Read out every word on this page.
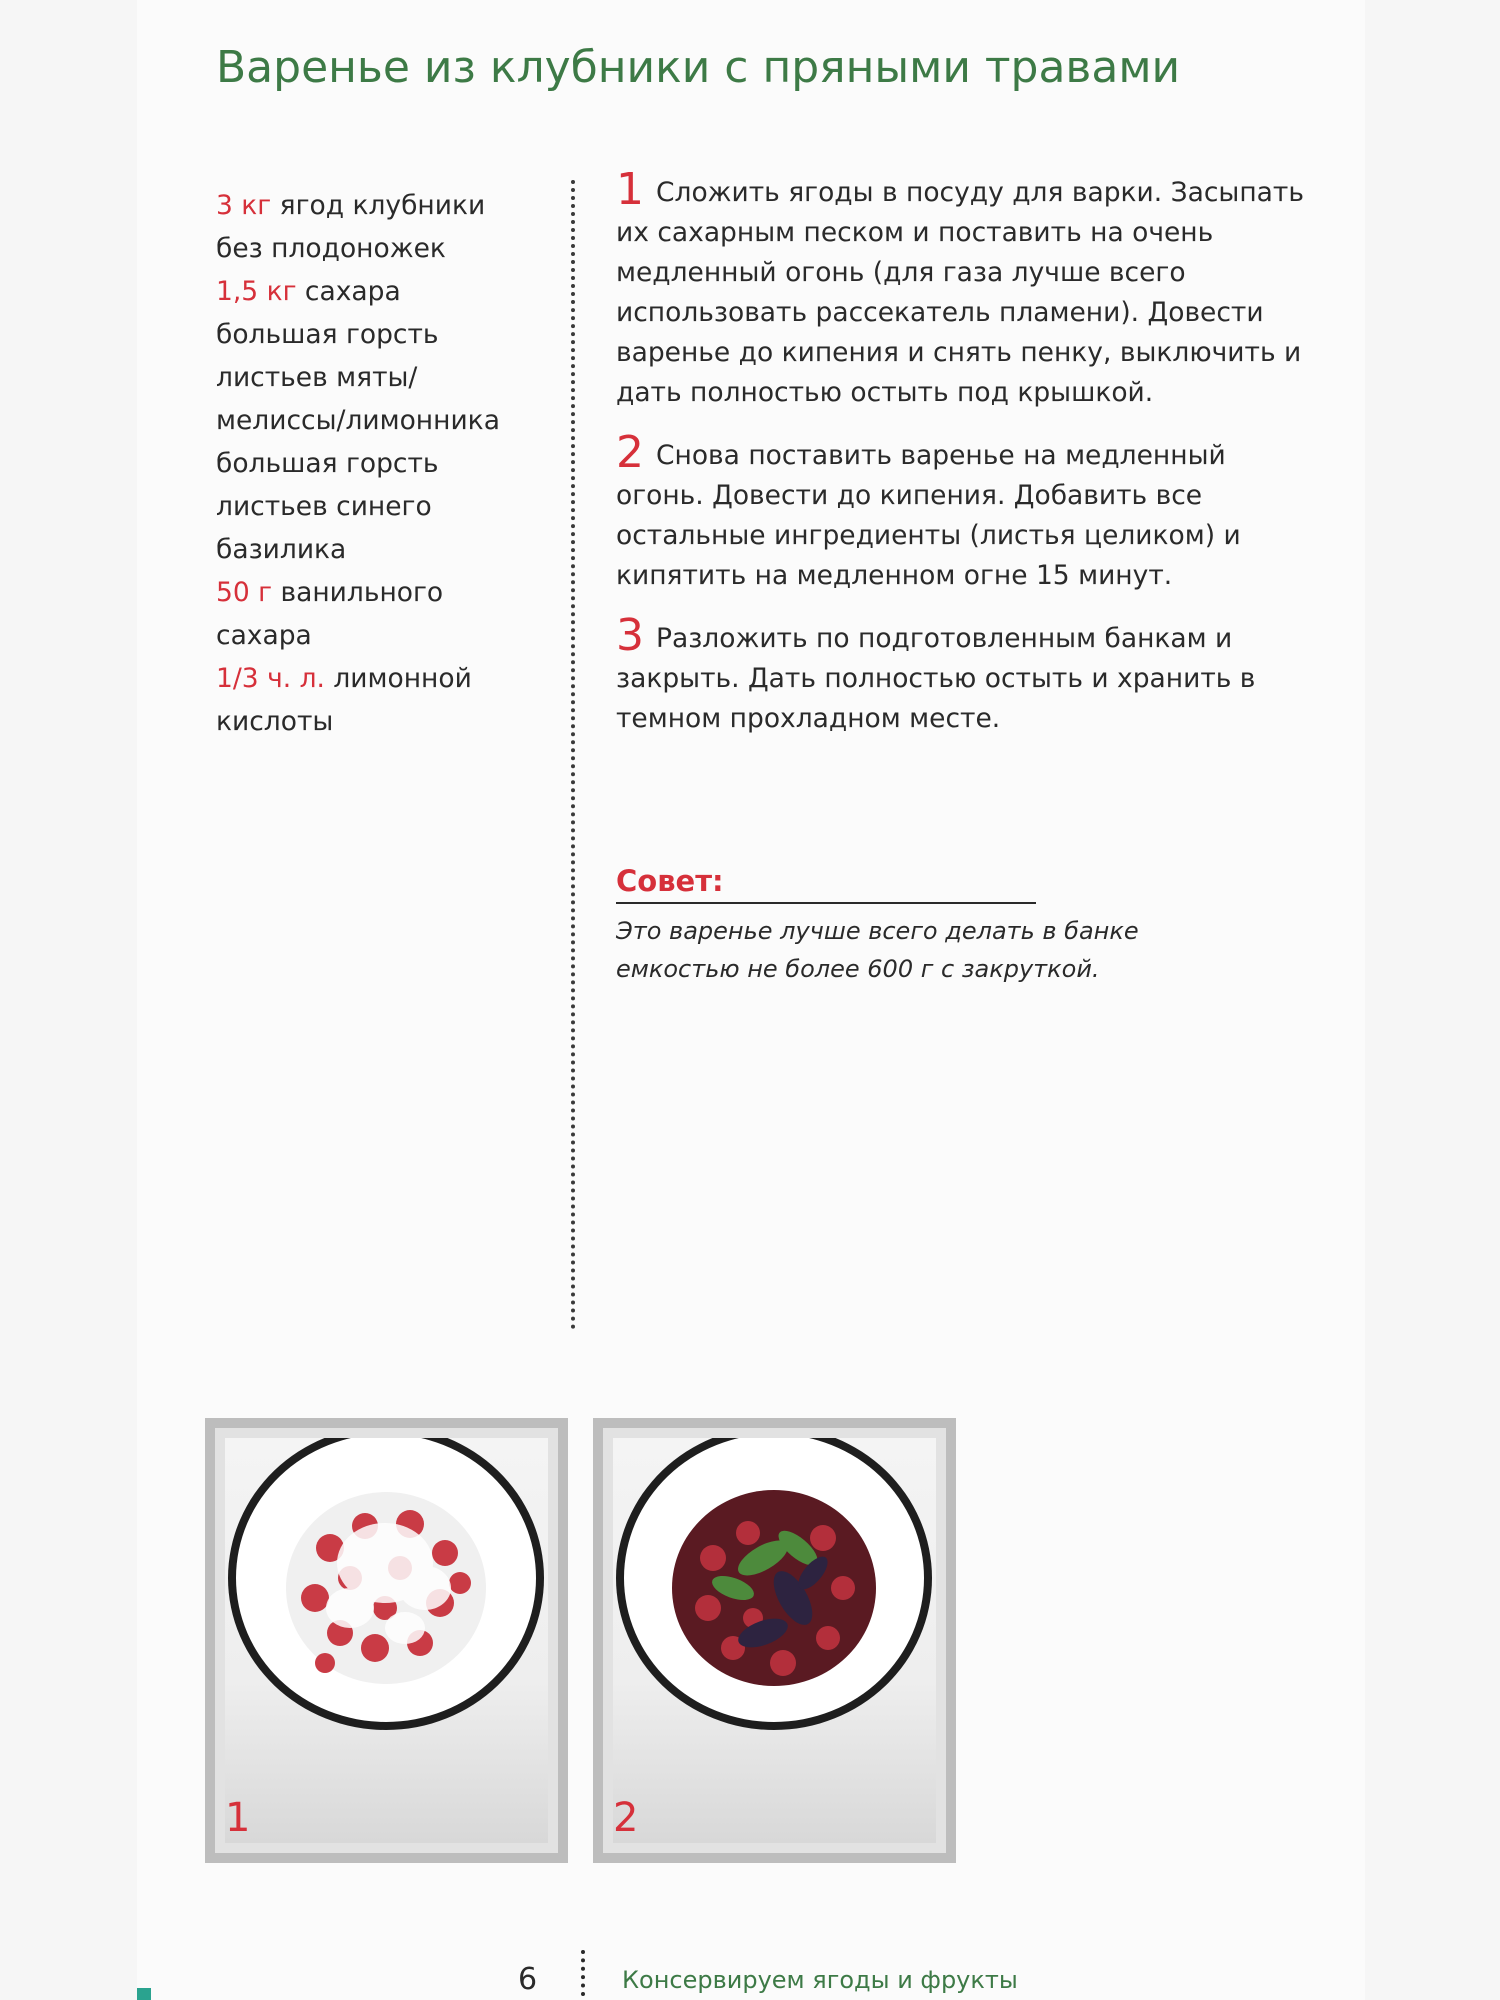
Варенье из клубники с пряными травами
3 кг ягод клубники
без плодоножек
1,5 кг сахара
большая горсть
листьев мяты/
мелиссы/лимонника
большая горсть
листьев синего
базилика
50 г ванильного
сахара
1/3 ч. л. лимонной
кислоты
1 Сложить ягоды в посуду для варки. Засыпать их сахарным песком и поставить на очень медленный огонь (для газа лучше всего использовать рассекатель пламени). Довести варенье до кипения и снять пенку, выключить и дать полностью остыть под крышкой.
2 Снова поставить варенье на медленный огонь. Довести до кипения. Добавить все остальные ингредиенты (листья целиком) и кипятить на медленном огне 15 минут.
3 Разложить по подготовленным банкам и закрыть. Дать полностью остыть и хранить в темном прохладном месте.
Совет:
Это варенье лучше всего делать в банке емкостью не более 600 г с закруткой.
1	2
6	Консервируем ягоды и фрукты
